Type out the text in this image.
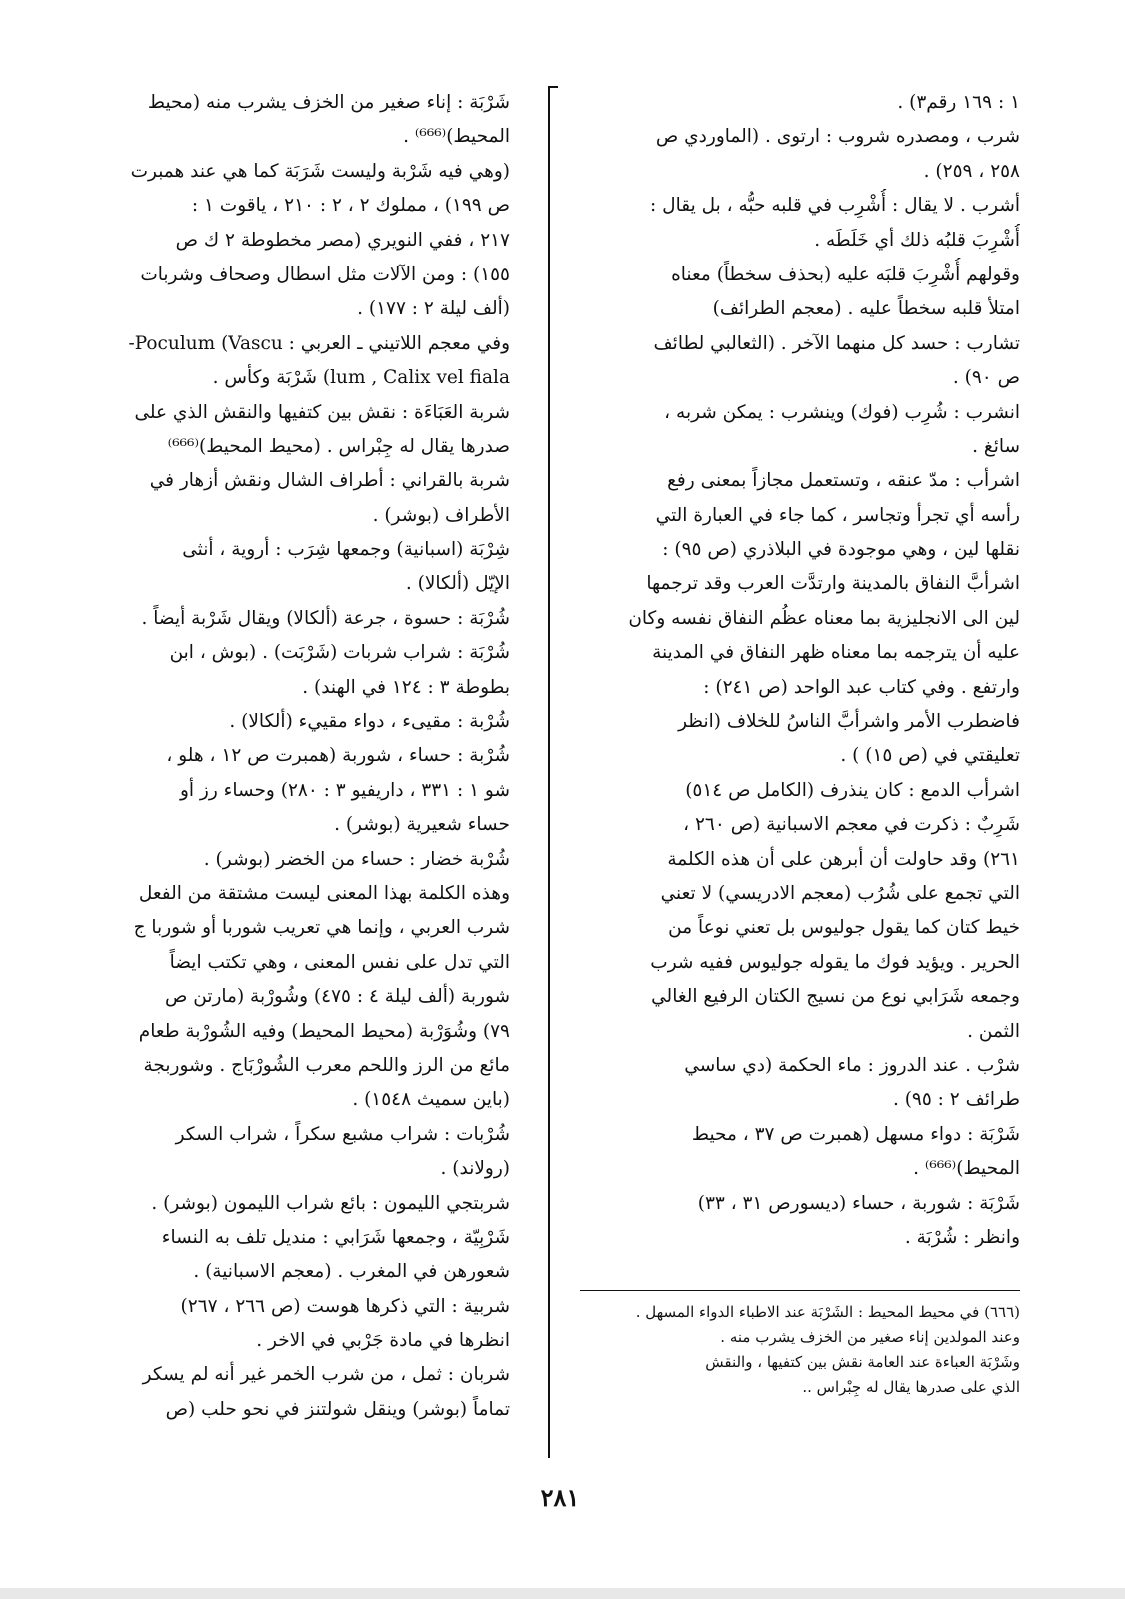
١ : ١٦٩ رقم٣) .

شرب ، ومصدره شروب : ارتوى . (الماوردي ص

٢٥٨ ، ٢٥٩) .

أشرب . لا يقال : أُشْرِب في قلبه حبُّه ، بل يقال :

أُشْرِبَ قلبُه ذلك أي خَلَطَه .

وقولهم أُشْرِبَ قلبَه عليه (بحذف سخطاً) معناه

امتلأ قلبه سخطاً عليه . (معجم الطرائف)

تشارب : حسد كل منهما الآخر . (الثعالبي لطائف

ص ٩٠) .

انشرب : شُرِب (فوك) وينشرب : يمكن شربه ،

سائغ .

اشرأب : مدّ عنقه ، وتستعمل مجازاً بمعنى رفع

رأسه أي تجرأ وتجاسر ، كما جاء في العبارة التي

نقلها لين ، وهي موجودة في البلاذري (ص ٩٥) :

اشرأبَّ النفاق بالمدينة وارتدَّت العرب وقد ترجمها

لين الى الانجليزية بما معناه عظُم النفاق نفسه وكان

عليه أن يترجمه بما معناه ظهر النفاق في المدينة

وارتفع . وفي كتاب عبد الواحد (ص ٢٤١) :

فاضطرب الأمر واشرأبَّ الناسُ للخلاف (انظر

تعليقتي في (ص ١٥) ) .

اشرأب الدمع : كان ينذرف (الكامل ص ٥١٤)

شَرِبٌ : ذكرت في معجم الاسبانية (ص ٢٦٠ ،

٢٦١) وقد حاولت أن أبرهن على أن هذه الكلمة

التي تجمع على شُرُب (معجم الادريسي) لا تعني

خيط كتان كما يقول جوليوس بل تعني نوعاً من

الحرير . ويؤيد فوك ما يقوله جوليوس ففيه شرب

وجمعه شَرَابي نوع من نسيج الكتان الرفيع الغالي

الثمن .

شرْب . عند الدروز : ماء الحكمة (دي ساسي

طرائف ٢ : ٩٥) .

شَرْبَة : دواء مسهل (همبرت ص ٣٧ ، محيط

المحيط)⁽⁶⁶⁶⁾ .

شَرْبَة : شوربة ، حساء (ديسورص ٣١ ، ٣٣)

وانظر : شُرْبَة .

شَرْبَة : إناء صغير من الخزف يشرب منه (محيط

المحيط)⁽⁶⁶⁶⁾ .

(وهي فيه شَرْبة وليست شَرَبَة كما هي عند همبرت

ص ١٩٩) ، مملوك ٢ ، ٢ : ٢١٠ ، ياقوت ١ :

٢١٧ ، ففي النويري (مصر مخطوطة ٢ ك ص

١٥٥) : ومن الآلات مثل اسطال وصحاف وشربات

(ألف ليلة ٢ : ١٧٧) .

وفي معجم اللاتيني ـ العربي : Poculum (Vascu-

lum , Calix vel fiala) شَرْبَة وكأس .

شربة العَبَاءَة : نقش بين كتفيها والنقش الذي على

صدرها يقال له جِبْراس . (محيط المحيط)⁽⁶⁶⁶⁾

شربة بالقراني : أطراف الشال ونقش أزهار في

الأطراف (بوشر) .

شِرْبَة (اسبانية) وجمعها شِرَب : أروية ، أنثى

الإيّل (ألكالا) .

شُرْبَة : حسوة ، جرعة (ألكالا) ويقال شَرْبة أيضاً .

شُرْبَة : شراب شربات (شَرْبَت) . (بوش ، ابن

بطوطة ٣ : ١٢٤ في الهند) .

شُرْبة : مقيىء ، دواء مقييء (ألكالا) .

شُرْبة : حساء ، شوربة (همبرت ص ١٢ ، هلو ،

شو ١ : ٣٣١ ، داريفيو ٣ : ٢٨٠) وحساء رز أو

حساء شعيرية (بوشر) .

شُرْبة خضار : حساء من الخضر (بوشر) .

وهذه الكلمة بهذا المعنى ليست مشتقة من الفعل

شرب العربي ، وإنما هي تعريب شوربا أو شوربا ج

التي تدل على نفس المعنى ، وهي تكتب ايضاً

شوربة (ألف ليلة ٤ : ٤٧٥) وشُورْبة (مارتن ص

٧٩) وشُوَرْبة (محيط المحيط) وفيه الشُورْبة طعام

مائع من الرز واللحم معرب الشُورْبَاج . وشوربجة

(باين سميث ١٥٤٨) .

شُرْبات : شراب مشبع سكراً ، شراب السكر

(رولاند) .

شربتجي الليمون : بائع شراب الليمون (بوشر) .

شَرْبِيّة ، وجمعها شَرَابي : منديل تلف به النساء

شعورهن في المغرب . (معجم الاسبانية) .

شربية : التي ذكرها هوست (ص ٢٦٦ ، ٢٦٧)

انظرها في مادة جَرْبي في الاخر .

شربان : ثمل ، من شرب الخمر غير أنه لم يسكر

تماماً (بوشر) وينقل شولتنز في نحو حلب (ص

(٦٦٦) في محيط المحيط : الشَرْبَة عند الاطباء الدواء المسهل .

وعند المولدين إناء صغير من الخزف يشرب منه .

وشَرْبَة العباءة عند العامة نقش بين كتفيها ، والنقش

الذي على صدرها يقال له جِبْراس ..

٢٨١
